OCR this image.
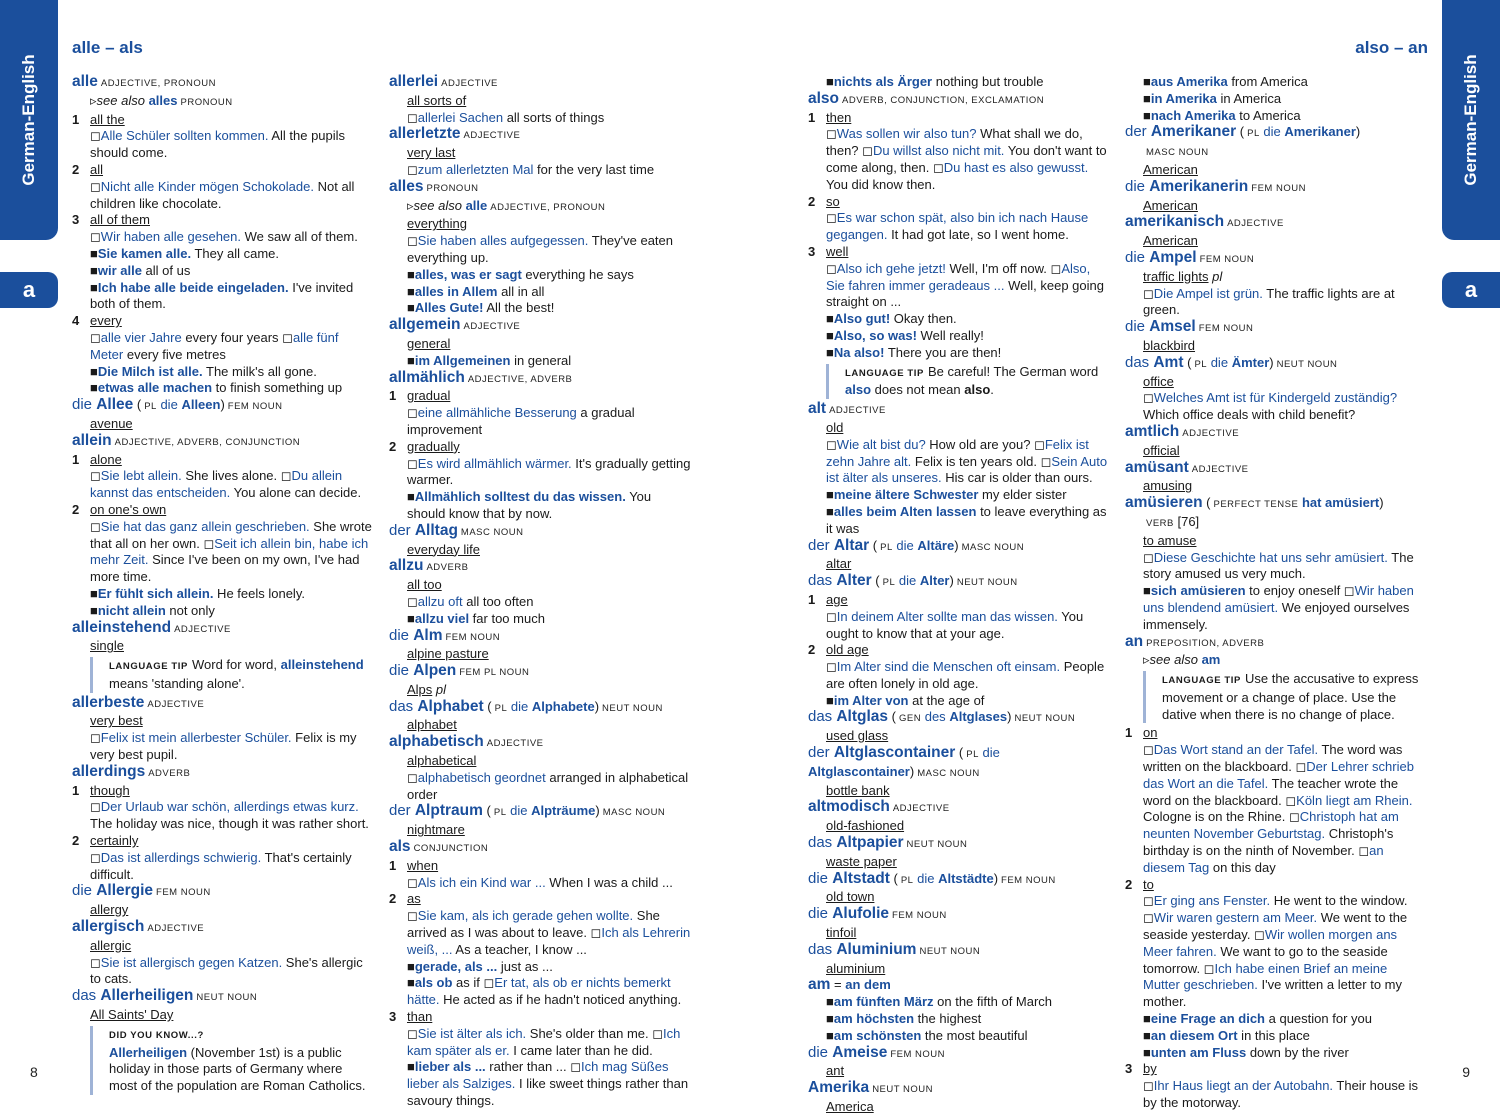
German-English
a
German-English
a
alle – als	also – an
alle ADJECTIVE, PRONOUN
▹see also alles PRONOUN
1 all the
◻Alle Schüler sollten kommen. All the pupils should come.
2 all
◻Nicht alle Kinder mögen Schokolade. Not all children like chocolate.
3 all of them
◻Wir haben alle gesehen. We saw all of them.
■Sie kamen alle. They all came.
■wir alle all of us
■Ich habe alle beide eingeladen. I've invited both of them.
4 every
◻alle vier Jahre every four years ◻alle fünf Meter every five metres
■Die Milch ist alle. The milk's all gone.
■etwas alle machen to finish something up
die Allee ( PL die Alleen) FEM NOUN
avenue
allein ADJECTIVE, ADVERB, CONJUNCTION
1 alone
◻Sie lebt allein. She lives alone. ◻Du allein kannst das entscheiden. You alone can decide.
2 on one's own
◻Sie hat das ganz allein geschrieben. She wrote that all on her own. ◻Seit ich allein bin, habe ich mehr Zeit. Since I've been on my own, I've had more time.
■Er fühlt sich allein. He feels lonely.
■nicht allein not only
alleinstehend ADJECTIVE
single
LANGUAGE TIP Word for word, alleinstehend means 'standing alone'.
allerbeste ADJECTIVE
very best
◻Felix ist mein allerbester Schüler. Felix is my very best pupil.
allerdings ADVERB
1 though
◻Der Urlaub war schön, allerdings etwas kurz. The holiday was nice, though it was rather short.
2 certainly
◻Das ist allerdings schwierig. That's certainly difficult.
die Allergie FEM NOUN
allergy
allergisch ADJECTIVE
allergic
◻Sie ist allergisch gegen Katzen. She's allergic to cats.
das Allerheiligen NEUT NOUN
All Saints' Day
DID YOU KNOW...?
Allerheiligen (November 1st) is a public holiday in those parts of Germany where most of the population are Roman Catholics.
allerlei ADJECTIVE
all sorts of
◻allerlei Sachen all sorts of things
allerletzte ADJECTIVE
very last
◻zum allerletzten Mal for the very last time
alles PRONOUN
▹see also alle ADJECTIVE, PRONOUN
everything
◻Sie haben alles aufgegessen. They've eaten everything up.
■alles, was er sagt everything he says
■alles in Allem all in all
■Alles Gute! All the best!
allgemein ADJECTIVE
general
■im Allgemeinen in general
allmählich ADJECTIVE, ADVERB
1 gradual
◻eine allmähliche Besserung a gradual improvement
2 gradually
◻Es wird allmählich wärmer. It's gradually getting warmer.
■Allmählich solltest du das wissen. You should know that by now.
der Alltag MASC NOUN
everyday life
allzu ADVERB
all too
◻allzu oft all too often
■allzu viel far too much
die Alm FEM NOUN
alpine pasture
die Alpen FEM PL NOUN
Alps pl
das Alphabet ( PL die Alphabete) NEUT NOUN
alphabet
alphabetisch ADJECTIVE
alphabetical
◻alphabetisch geordnet arranged in alphabetical order
der Alptraum ( PL die Alpträume) MASC NOUN
nightmare
als CONJUNCTION
1 when
◻Als ich ein Kind war ... When I was a child ...
2 as
◻Sie kam, als ich gerade gehen wollte. She arrived as I was about to leave. ◻Ich als Lehrerin weiß, ... As a teacher, I know ...
■gerade, als ... just as ...
■als ob as if ◻Er tat, als ob er nichts bemerkt hätte. He acted as if he hadn't noticed anything.
3 than
◻Sie ist älter als ich. She's older than me. ◻Ich kam später als er. I came later than he did.
■lieber als ... rather than ... ◻Ich mag Süßes lieber als Salziges. I like sweet things rather than savoury things.
■nichts als Ärger nothing but trouble
also ADVERB, CONJUNCTION, EXCLAMATION
1 then
◻Was sollen wir also tun? What shall we do, then? ◻Du willst also nicht mit. You don't want to come along, then. ◻Du hast es also gewusst. You did know then.
2 so
◻Es war schon spät, also bin ich nach Hause gegangen. It had got late, so I went home.
3 well
◻Also ich gehe jetzt! Well, I'm off now. ◻Also, Sie fahren immer geradeaus ... Well, keep going straight on ...
■Also gut! Okay then.
■Also, so was! Well really!
■Na also! There you are then!
LANGUAGE TIP Be careful! The German word also does not mean also.
alt ADJECTIVE
old
◻Wie alt bist du? How old are you? ◻Felix ist zehn Jahre alt. Felix is ten years old. ◻Sein Auto ist älter als unseres. His car is older than ours.
■meine ältere Schwester my elder sister
■alles beim Alten lassen to leave everything as it was
der Altar ( PL die Altäre) MASC NOUN
altar
das Alter ( PL die Alter) NEUT NOUN
1 age
◻In deinem Alter sollte man das wissen. You ought to know that at your age.
2 old age
◻Im Alter sind die Menschen oft einsam. People are often lonely in old age.
■im Alter von at the age of
das Altglas ( GEN des Altglases) NEUT NOUN
used glass
der Altglascontainer ( PL die Altglascontainer) MASC NOUN
bottle bank
altmodisch ADJECTIVE
old-fashioned
das Altpapier NEUT NOUN
waste paper
die Altstadt ( PL die Altstädte) FEM NOUN
old town
die Alufolie FEM NOUN
tinfoil
das Aluminium NEUT NOUN
aluminium
am = an dem
■am fünften März on the fifth of March
■am höchsten the highest
■am schönsten the most beautiful
die Ameise FEM NOUN
ant
Amerika NEUT NOUN
America
■aus Amerika from America
■in Amerika in America
■nach Amerika to America
der Amerikaner ( PL die Amerikaner)
MASC NOUN
American
die Amerikanerin FEM NOUN
American
amerikanisch ADJECTIVE
American
die Ampel FEM NOUN
traffic lights pl
◻Die Ampel ist grün. The traffic lights are at green.
die Amsel FEM NOUN
blackbird
das Amt ( PL die Ämter) NEUT NOUN
office
◻Welches Amt ist für Kindergeld zuständig? Which office deals with child benefit?
amtlich ADJECTIVE
official
amüsant ADJECTIVE
amusing
amüsieren ( PERFECT TENSE hat amüsiert)
VERB [76]
to amuse
◻Diese Geschichte hat uns sehr amüsiert. The story amused us very much.
■sich amüsieren to enjoy oneself ◻Wir haben uns blendend amüsiert. We enjoyed ourselves immensely.
an PREPOSITION, ADVERB
▹see also am
LANGUAGE TIP Use the accusative to express movement or a change of place. Use the dative when there is no change of place.
1 on
◻Das Wort stand an der Tafel. The word was written on the blackboard. ◻Der Lehrer schrieb das Wort an die Tafel. The teacher wrote the word on the blackboard. ◻Köln liegt am Rhein. Cologne is on the Rhine. ◻Christoph hat am neunten November Geburtstag. Christoph's birthday is on the ninth of November. ◻an diesem Tag on this day
2 to
◻Er ging ans Fenster. He went to the window. ◻Wir waren gestern am Meer. We went to the seaside yesterday. ◻Wir wollen morgen ans Meer fahren. We want to go to the seaside tomorrow. ◻Ich habe einen Brief an meine Mutter geschrieben. I've written a letter to my mother.
■eine Frage an dich a question for you
■an diesem Ort in this place
■unten am Fluss down by the river
3 by
◻Ihr Haus liegt an der Autobahn. Their house is by the motorway.
8	9
